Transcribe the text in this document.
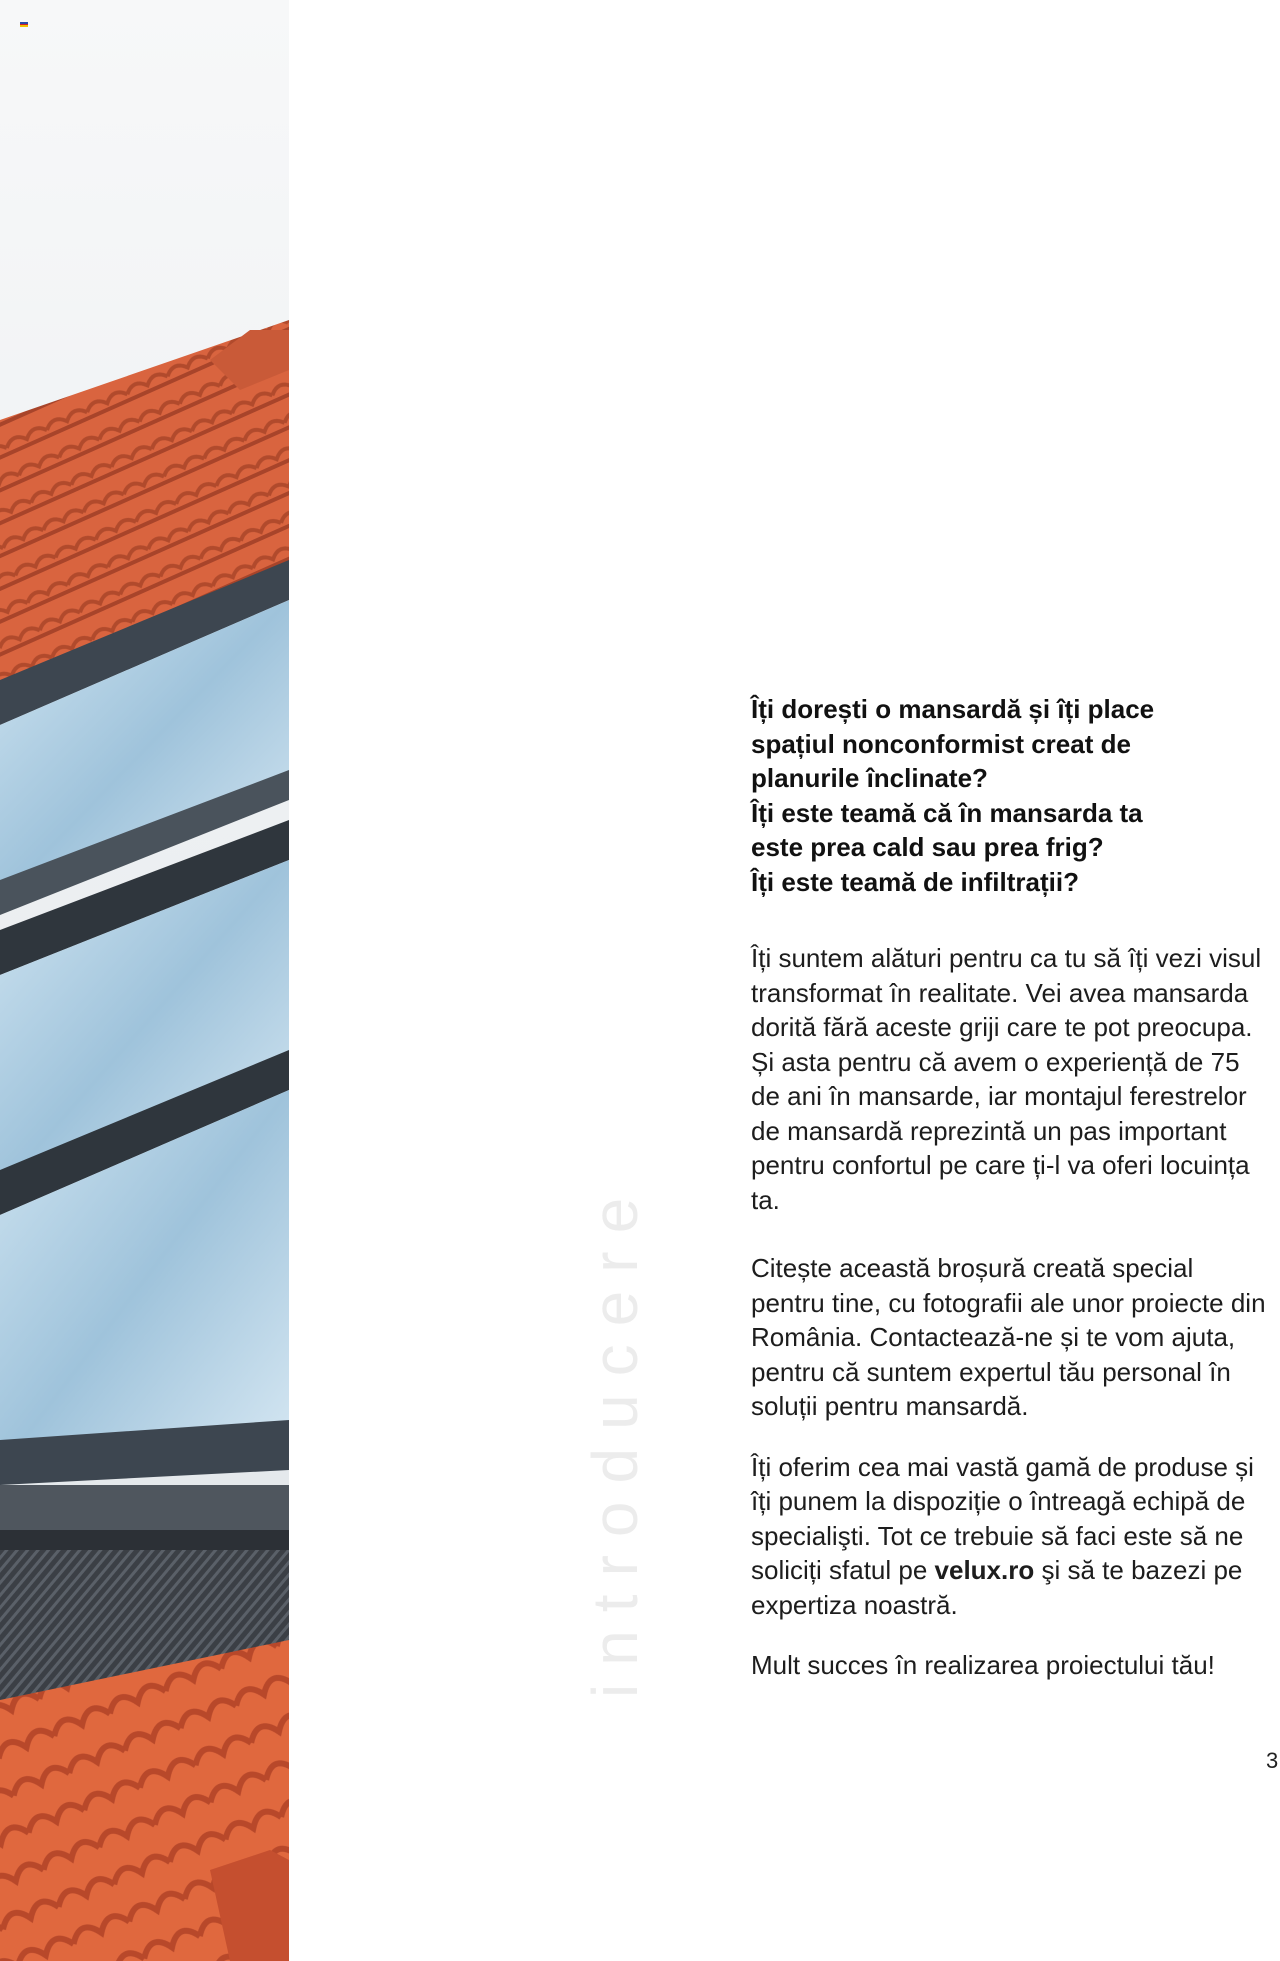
introducere
Îți dorești o mansardă și îți place
spațiul nonconformist creat de
planurile înclinate?
Îți este teamă că în mansarda ta
este prea cald sau prea frig?
Îți este teamă de infiltrații?

Îți suntem alături pentru ca tu să îți vezi visul transformat în realitate. Vei avea mansarda dorită fără aceste griji care te pot preocupa. Și asta pentru că avem o experiență de 75 de ani în mansarde, iar montajul ferestrelor de mansardă reprezintă un pas important pentru confortul pe care ți-l va oferi locuința ta.

Citește această broșură creată special pentru tine, cu fotografii ale unor proiecte din România. Contactează-ne și te vom ajuta, pentru că suntem expertul tău personal în soluții pentru mansardă.

Îți oferim cea mai vastă gamă de produse și îți punem la dispoziție o întreagă echipă de specialişti. Tot ce trebuie să faci este să ne soliciți sfatul pe velux.ro şi să te bazezi pe expertiza noastră.

Mult succes în realizarea proiectului tău!

3
